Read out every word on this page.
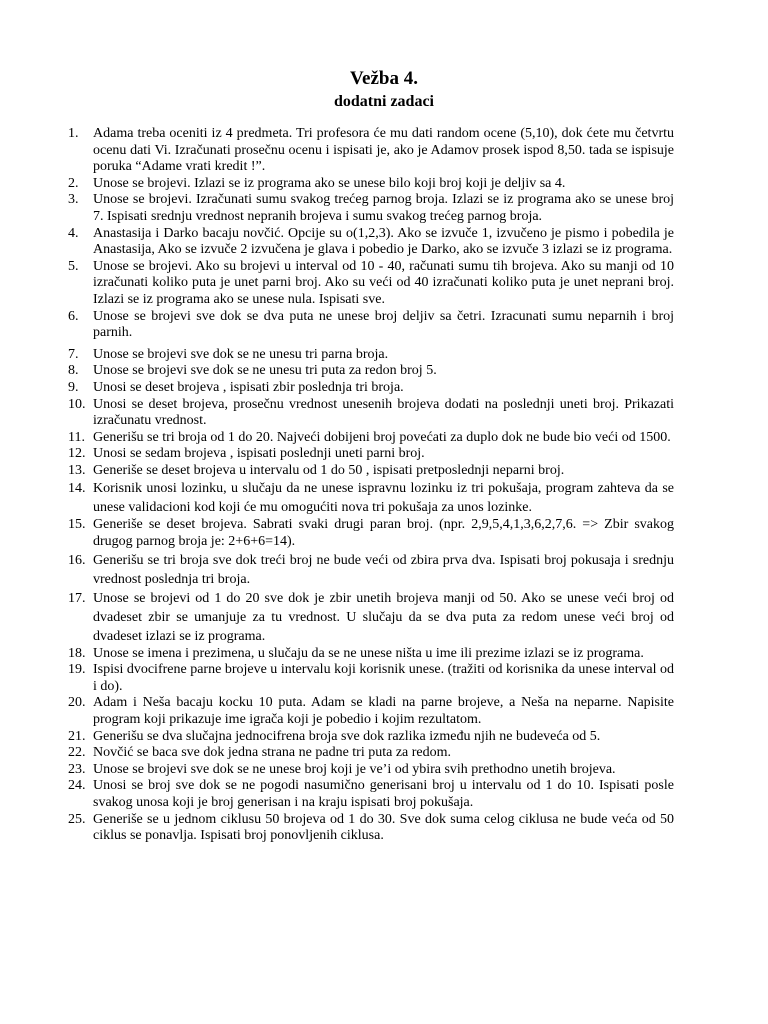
Vežba 4.
dodatni zadaci
1.	Adama treba oceniti iz 4 predmeta. Tri profesora će mu dati random ocene (5,10), dok ćete mu četvrtu ocenu dati Vi. Izračunati prosečnu ocenu i ispisati je, ako je Adamov prosek ispod 8,50. tada se ispisuje poruka “Adame vrati kredit !”.
2.	Unose se brojevi. Izlazi se iz programa ako se unese bilo koji broj koji je deljiv sa 4.
3.	Unose se brojevi. Izračunati sumu svakog trećeg parnog broja. Izlazi se iz programa ako se unese broj 7. Ispisati srednju vrednost nepranih brojeva i sumu svakog trećeg parnog broja.
4.	Anastasija i Darko bacaju novčić. Opcije su o(1,2,3). Ako se izvuče 1, izvučeno je pismo i pobedila je Anastasija, Ako se izvuče 2 izvučena je glava i pobedio je Darko, ako se izvuče 3 izlazi se iz programa.
5.	Unose se brojevi. Ako su brojevi u interval od 10 - 40, računati sumu tih brojeva. Ako su manji od 10 izračunati koliko puta je unet parni broj. Ako su veći od 40 izračunati koliko puta je unet neprani broj. Izlazi se iz programa ako se unese nula. Ispisati sve.
6.	Unose se brojevi sve dok se dva puta ne unese broj deljiv sa četri. Izracunati sumu neparnih i broj parnih.
7.	Unose se brojevi sve dok se ne unesu tri parna broja.
8.	Unose se brojevi sve dok se ne unesu tri puta za redon broj 5.
9.	Unosi se deset brojeva , ispisati zbir poslednja tri broja.
10. Unosi se deset brojeva, prosečnu vrednost unesenih brojeva dodati na poslednji uneti broj. Prikazati izračunatu vrednost.
11. Generišu se tri broja od 1 do 20. Najveći dobijeni broj povećati za duplo dok ne bude bio veći od 1500.
12. Unosi se sedam brojeva , ispisati poslednji uneti parni broj.
13. Generiše se deset brojeva u intervalu od 1 do 50 , ispisati pretposlednji neparni broj.
14. Korisnik unosi lozinku, u slučaju da ne unese ispravnu lozinku iz tri pokušaja, program zahteva da se unese validacioni kod koji će mu omogućiti nova tri pokušaja za unos lozinke.
15. Generiše se deset brojeva. Sabrati svaki drugi paran broj. (npr. 2,9,5,4,1,3,6,2,7,6. => Zbir svakog drugog parnog broja je: 2+6+6=14).
16. Generišu se tri broja sve dok treći broj ne bude veći od zbira prva dva. Ispisati broj pokusaja i srednju vrednost poslednja tri broja.
17. Unose se brojevi od 1 do 20 sve dok je zbir unetih brojeva manji od 50. Ako se unese veći broj od dvadeset zbir se umanjuje za tu vrednost. U slučaju da se dva puta za redom unese veći broj od dvadeset izlazi se iz programa.
18. Unose se imena i prezimena, u slučaju da se ne unese ništa u ime ili prezime izlazi se iz programa.
19. Ispisi dvocifrene parne brojeve u intervalu koji korisnik unese. (tražiti od korisnika da unese interval od i do).
20. Adam i Neša bacaju kocku 10 puta. Adam se kladi na parne brojeve, a Neša na neparne. Napisite program koji prikazuje ime igrača koji je pobedio i kojim rezultatom.
21. Generišu se dva slučajna jednocifrena broja sve dok razlika između njih ne budeveća od 5.
22. Novčić se baca sve dok jedna strana ne padne tri puta za redom.
23. Unose se brojevi sve dok se ne unese broj koji je ve’i od ybira svih prethodno unetih brojeva.
24. Unosi se broj sve dok se ne pogodi nasumično generisani broj u intervalu od 1 do 10. Ispisati posle svakog unosa koji je broj generisan i na kraju ispisati broj pokušaja.
25. Generiše se u jednom ciklusu 50 brojeva od 1 do 30. Sve dok suma celog ciklusa ne bude veća od 50 ciklus se ponavlja. Ispisati broj ponovljenih ciklusa.
